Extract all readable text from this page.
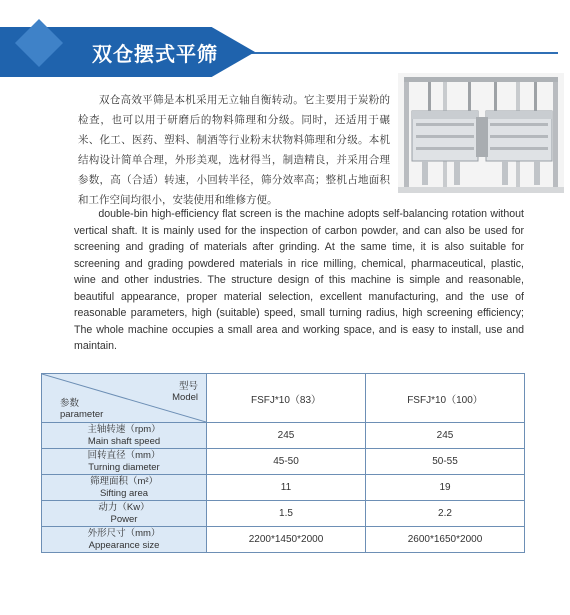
双仓摆式平筛

双仓高效平筛是本机采用无立轴自衡转动。它主要用于炭粉的检查，也可以用于研磨后的物料筛理和分级。同时，还适用于碾米、化工、医药、塑料、制酒等行业粉末状物料筛理和分级。本机结构设计简单合理，外形美观，选材得当，制造精良，并采用合理参数，高（合适）转速，小回转半径，筛分效率高；整机占地面积和工作空间均很小，安装使用和维修方便。

double-bin high-efficiency flat screen is the machine adopts self-balancing rotation without vertical shaft. It is mainly used for the inspection of carbon powder, and can also be used for screening and grading of materials after grinding. At the same time, it is also suitable for screening and grading powdered materials in rice milling, chemical, pharmaceutical, plastic, wine and other industries. The structure design of this machine is simple and reasonable, beautiful appearance, proper material selection, excellent manufacturing, and the use of reasonable parameters, high (suitable) speed, small turning radius, high screening efficiency; The whole machine occupies a small area and working space, and is easy to install, use and maintain.

型号
Model
参数
parameter	FSFJ*10（83）	FSFJ*10（100）

主轴转速（rpm）
Main shaft speed	245	245

回转直径（mm）
Turning diameter	45-50	50-55

筛理面积（m²）
Sifting area	11	19

动力（Kw）
Power	1.5	2.2

外形尺寸（mm）
Appearance size	2200*1450*2000	2600*1650*2000
